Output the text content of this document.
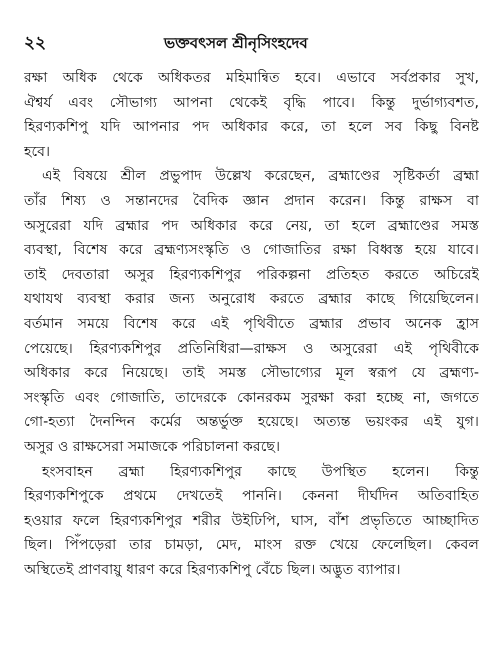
২২	ভক্তবৎসল শ্রীনৃসিংহদেব
রক্ষা অধিক থেকে অধিকতর মহিমান্বিত হবে। এভাবে সর্বপ্রকার সুখ,
ঐশ্বর্য এবং সৌভাগ্য আপনা থেকেই বৃদ্ধি পাবে। কিন্তু দুর্ভাগ্যবশত,
হিরণ্যকশিপু যদি আপনার পদ অধিকার করে, তা হলে সব কিছু বিনষ্ট
হবে।
এই বিষয়ে শ্রীল প্রভুপাদ উল্লেখ করেছেন, ব্রহ্মাণ্ডের সৃষ্টিকর্তা ব্রহ্মা
তাঁর শিষ্য ও সন্তানদের বৈদিক জ্ঞান প্রদান করেন। কিন্তু রাক্ষস বা
অসুরেরা যদি ব্রহ্মার পদ অধিকার করে নেয়, তা হলে ব্রহ্মাণ্ডের সমস্ত
ব্যবস্থা, বিশেষ করে ব্রহ্মণ্যসংস্কৃতি ও গোজাতির রক্ষা বিধ্বস্ত হয়ে যাবে।
তাই দেবতারা অসুর হিরণ্যকশিপুর পরিকল্পনা প্রতিহত করতে অচিরেই
যথাযথ ব্যবস্থা করার জন্য অনুরোধ করতে ব্রহ্মার কাছে গিয়েছিলেন।
বর্তমান সময়ে বিশেষ করে এই পৃথিবীতে ব্রহ্মার প্রভাব অনেক হ্রাস
পেয়েছে। হিরণ্যকশিপুর প্রতিনিধিরা—রাক্ষস ও অসুরেরা এই পৃথিবীকে
অধিকার করে নিয়েছে। তাই সমস্ত সৌভাগ্যের মূল স্বরূপ যে ব্রহ্মণ্য-
সংস্কৃতি এবং গোজাতি, তাদেরকে কোনরকম সুরক্ষা করা হচ্ছে না, জগতে
গো-হত্যা দৈনন্দিন কর্মের অন্তর্ভুক্ত হয়েছে। অত্যন্ত ভয়ংকর এই যুগ।
অসুর ও রাক্ষসেরা সমাজকে পরিচালনা করছে।
হংসবাহন ব্রহ্মা হিরণ্যকশিপুর কাছে উপস্থিত হলেন। কিন্তু
হিরণ্যকশিপুকে প্রথমে দেখতেই পাননি। কেননা দীর্ঘদিন অতিবাহিত
হওয়ার ফলে হিরণ্যকশিপুর শরীর উইঢিপি, ঘাস, বাঁশ প্রভৃতিতে আচ্ছাদিত
ছিল। পিঁপড়েরা তার চামড়া, মেদ, মাংস রক্ত খেয়ে ফেলেছিল। কেবল
অস্থিতেই প্রাণবায়ু ধারণ করে হিরণ্যকশিপু বেঁচে ছিল। অদ্ভুত ব্যাপার।
